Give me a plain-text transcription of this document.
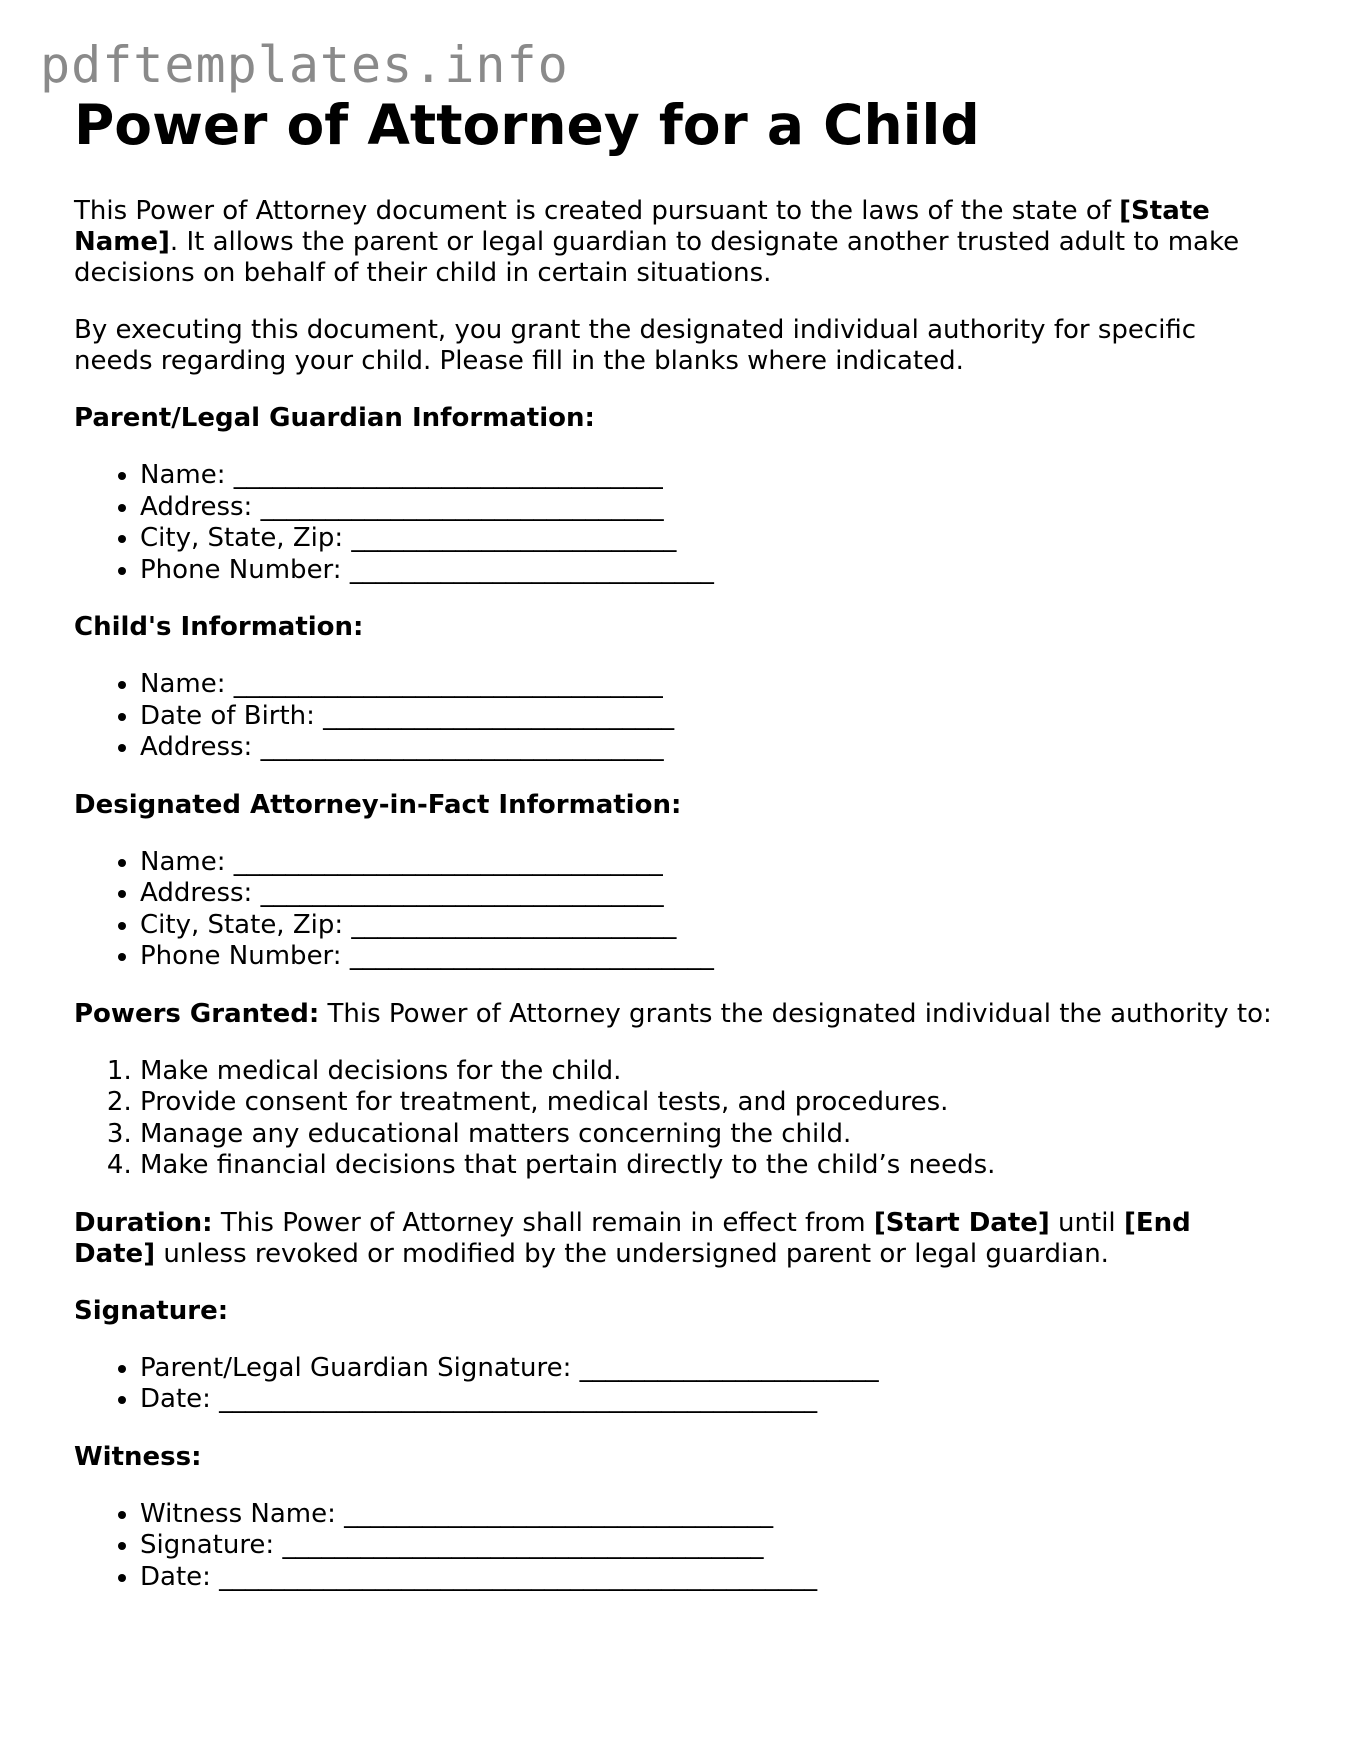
pdftemplates.info
Power of Attorney for a Child

This Power of Attorney document is created pursuant to the laws of the state of [State Name]. It allows the parent or legal guardian to designate another trusted adult to make decisions on behalf of their child in certain situations.

By executing this document, you grant the designated individual authority for specific needs regarding your child. Please fill in the blanks where indicated.

Parent/Legal Guardian Information:
• Name: _________________________________
• Address: _______________________________
• City, State, Zip: _________________________
• Phone Number: ____________________________
Child's Information:
• Name: _________________________________
• Date of Birth: ___________________________
• Address: _______________________________
Designated Attorney-in-Fact Information:
• Name: _________________________________
• Address: _______________________________
• City, State, Zip: _________________________
• Phone Number: ____________________________

Powers Granted: This Power of Attorney grants the designated individual the authority to:

1. Make medical decisions for the child.
2. Provide consent for treatment, medical tests, and procedures.
3. Manage any educational matters concerning the child.
4. Make financial decisions that pertain directly to the child’s needs.

Duration: This Power of Attorney shall remain in effect from [Start Date] until [End Date] unless revoked or modified by the undersigned parent or legal guardian.

Signature:
• Parent/Legal Guardian Signature: _______________________
• Date: ______________________________________________
Witness:
• Witness Name: _________________________________
• Signature: _____________________________________
• Date: ______________________________________________
